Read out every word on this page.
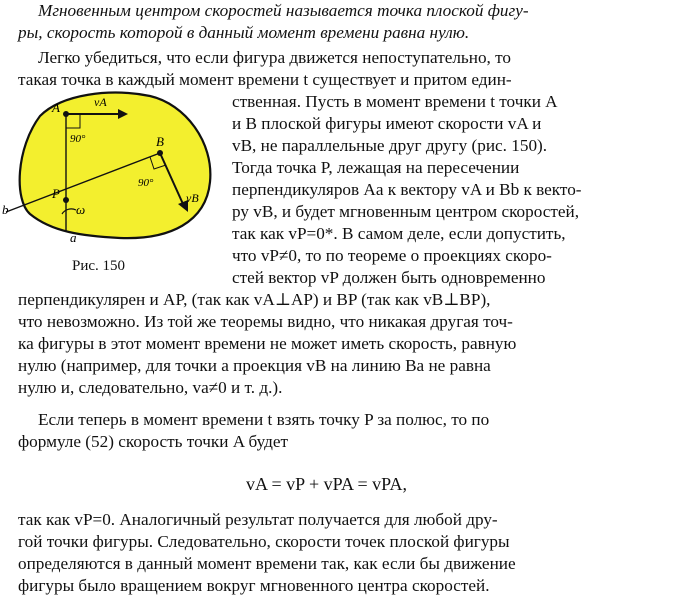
Мгновенным центром скоростей называется точка плоской фигу-
ры, скорость которой в данный момент времени равна нулю.
Легко убедиться, что если фигура движется непоступательно, то
такая точка в каждый момент времени t существует и притом един-
ственная. Пусть в момент времени t точки A
и B плоской фигуры имеют скорости vA и
vB, не параллельные друг другу (рис. 150).
Тогда точка P, лежащая на пересечении
перпендикуляров Aa к вектору vA и Bb к векто-
ру vB, и будет мгновенным центром скоростей,
так как vP=0*. В самом деле, если допустить,
что vP≠0, то по теореме о проекциях скоро-
стей вектор vP должен быть одновременно
перпендикулярен и AP, (так как vA⊥AP) и BP (так как vB⊥BP),
что невозможно. Из той же теоремы видно, что никакая другая точ-
ка фигуры в этот момент времени не может иметь скорость, равную
нулю (например, для точки a проекция vB на линию Ba не равна
нулю и, следовательно, va≠0 и т. д.).
Если теперь в момент времени t взять точку P за полюс, то по
формуле (52) скорость точки A будет
vA = vP + vPA = vPA,
так как vP=0. Аналогичный результат получается для любой дру-
гой точки фигуры. Следовательно, скорости точек плоской фигуры
определяются в данный момент времени так, как если бы движение
фигуры было вращением вокруг мгновенного центра скоростей.
A	vA
90°	B
90°
vB
P
ω
b
a
Рис. 150
